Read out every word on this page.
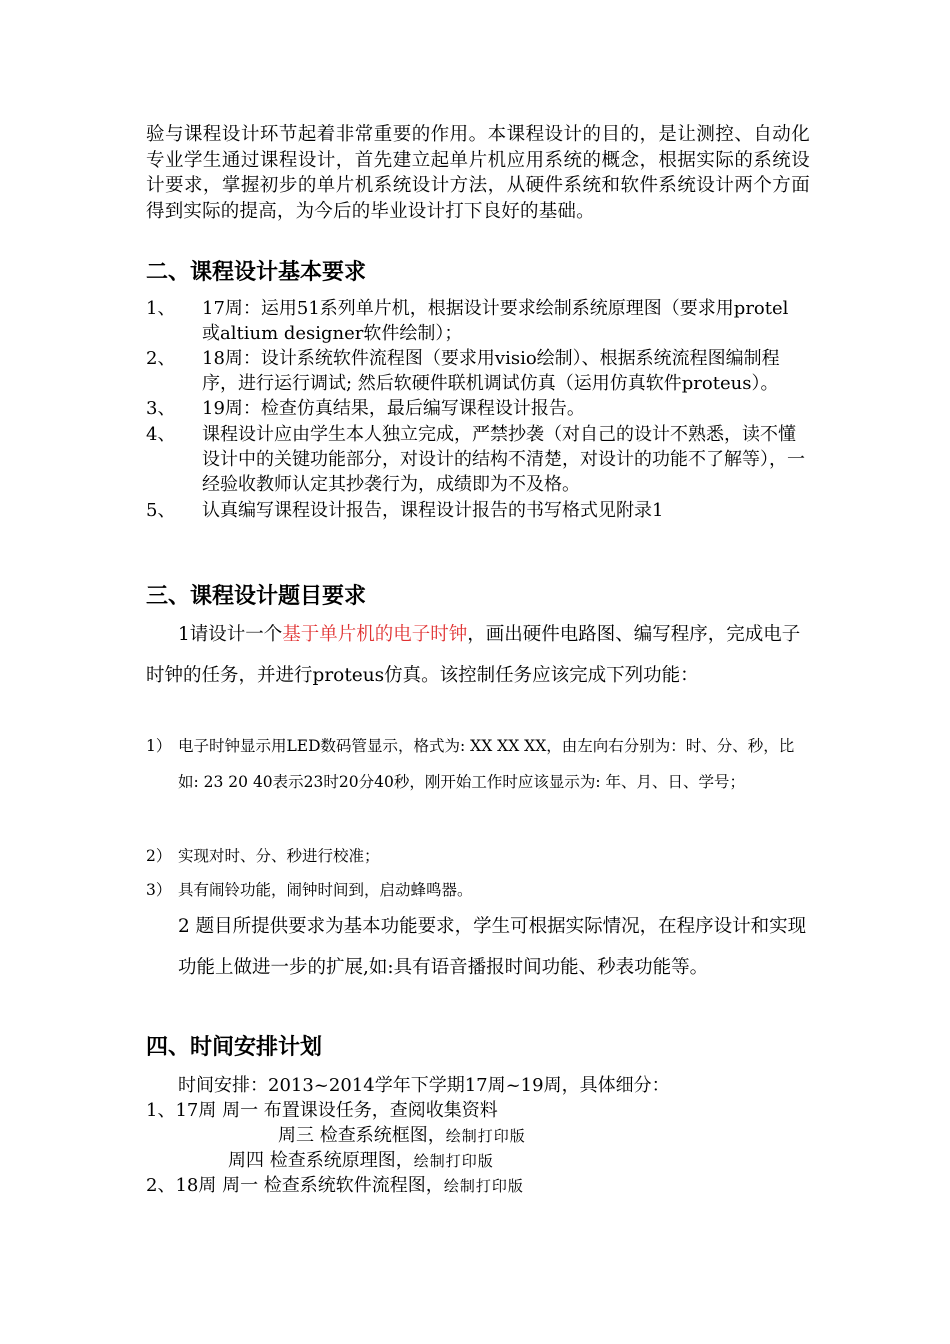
验与课程设计环节起着非常重要的作用。本课程设计的目的，是让测控、自动化专业学生通过课程设计，首先建立起单片机应用系统的概念，根据实际的系统设计要求，掌握初步的单片机系统设计方法，从硬件系统和软件系统设计两个方面得到实际的提高，为今后的毕业设计打下良好的基础。

二、课程设计基本要求
1、 17周：运用51系列单片机，根据设计要求绘制系统原理图（要求用protel 或altium designer软件绘制）；
2、 18周：设计系统软件流程图（要求用visio绘制）、根据系统流程图编制程序，进行运行调试; 然后软硬件联机调试仿真（运用仿真软件proteus）。
3、 19周：检查仿真结果，最后编写课程设计报告。
4、 课程设计应由学生本人独立完成，严禁抄袭（对自己的设计不熟悉，读不懂设计中的关键功能部分，对设计的结构不清楚，对设计的功能不了解等），一经验收教师认定其抄袭行为，成绩即为不及格。
5、 认真编写课程设计报告，课程设计报告的书写格式见附录1
三、课程设计题目要求

1请设计一个基于单片机的电子时钟，画出硬件电路图、编写程序，完成电子时钟的任务，并进行proteus仿真。该控制任务应该完成下列功能：

1） 电子时钟显示用LED数码管显示，格式为: XX XX XX，由左向右分别为：时、分、秒，比如: 23 20 40表示23时20分40秒，刚开始工作时应该显示为: 年、月、日、学号；
2） 实现对时、分、秒进行校准；
3） 具有闹铃功能，闹钟时间到，启动蜂鸣器。

2 题目所提供要求为基本功能要求，学生可根据实际情况，在程序设计和实现功能上做进一步的扩展,如:具有语音播报时间功能、秒表功能等。

四、时间安排计划

时间安排：2013~2014学年下学期17周~19周，具体细分：

1、17周 周一 布置课设任务，查阅收集资料

周三 检查系统框图，绘制打印版

周四 检查系统原理图，绘制打印版

2、18周 周一 检查系统软件流程图，绘制打印版
